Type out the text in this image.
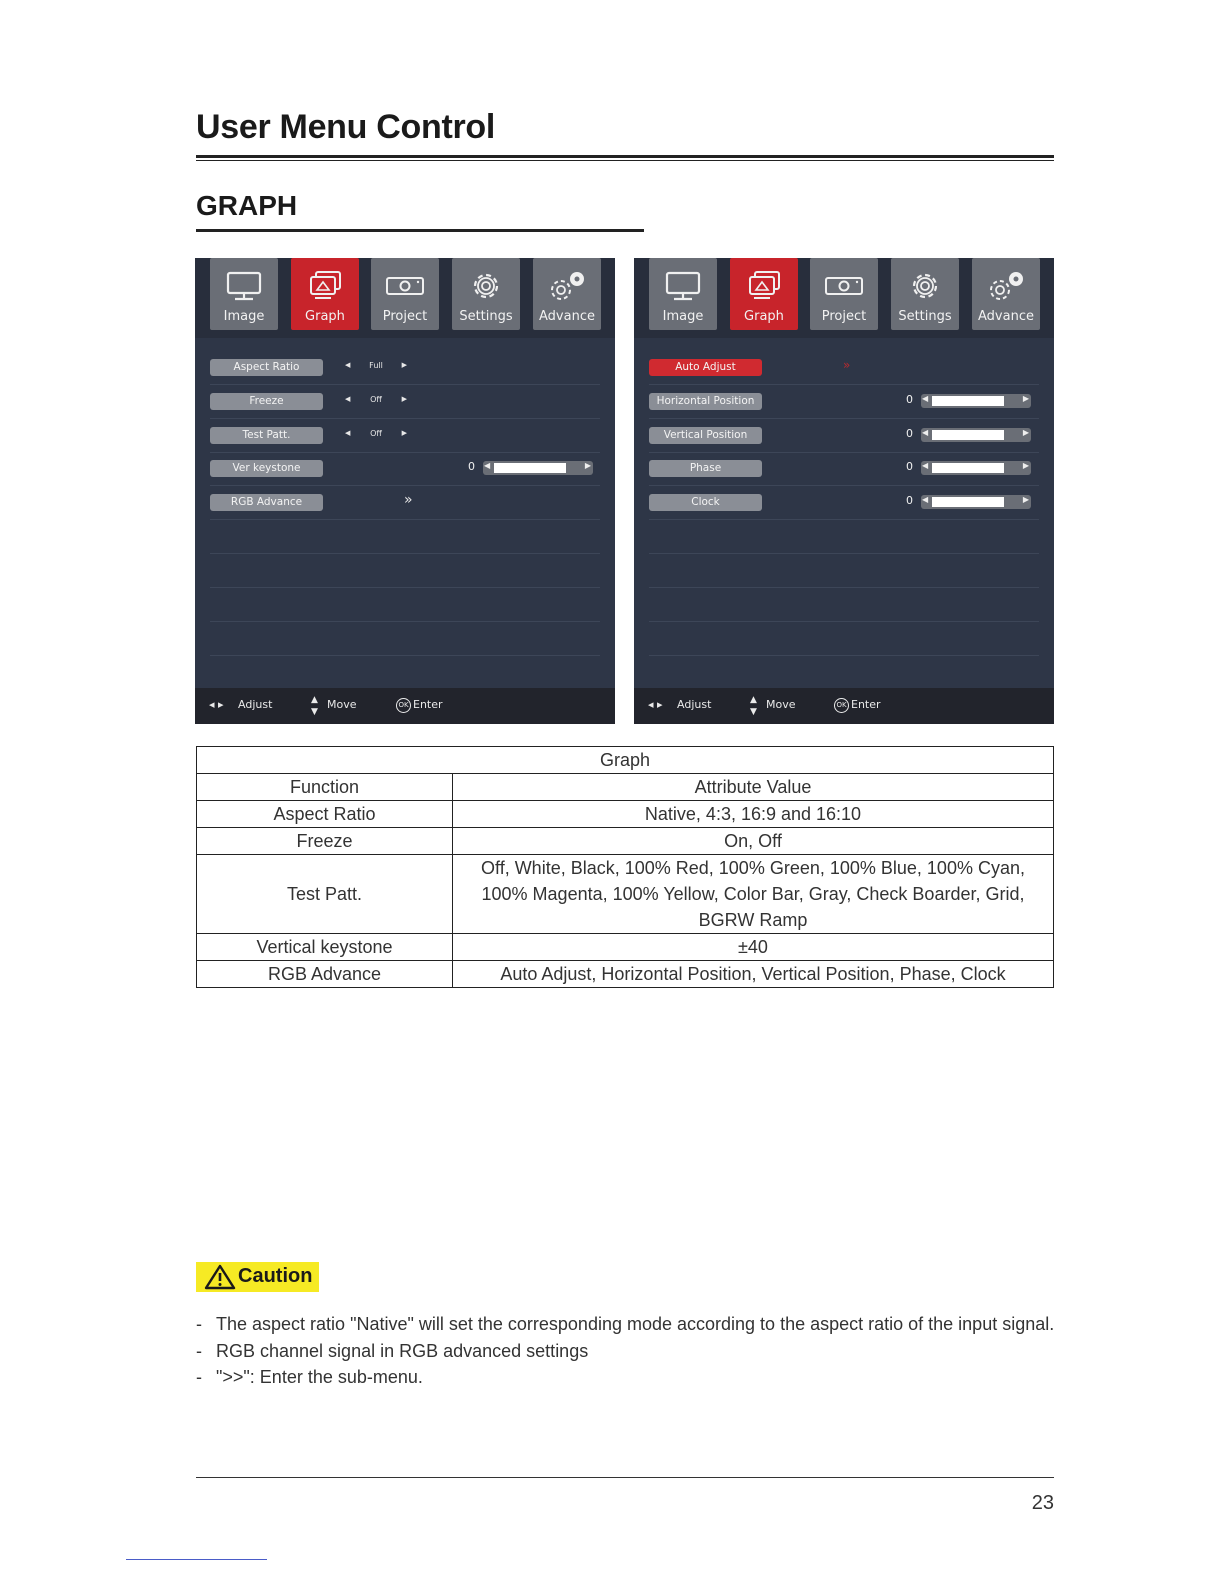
User Menu Control
GRAPH
Image	Graph	Project	Settings	Advance
Aspect Ratio	◀	Full	▶
Freeze	◀	Off	▶
Test Patt.	◀	Off	▶
Ver keystone	0 ◀	▶
RGB Advance	»
◂ ▸ Adjust	▲
▼
Move	OK Enter
Image	Graph	Project	Settings	Advance
Auto Adjust	»
Horizontal Position	0 ◀	▶
Vertical Position	0 ◀	▶
Phase	0 ◀	▶
Clock	0 ◀	▶
◂ ▸ Adjust	▲
▼
Move	OK Enter
Graph	
Function	Attribute Value
Aspect Ratio	Native, 4:3, 16:9 and 16:10
Freeze	On, Off
Test Patt.	Off, White, Black, 100% Red, 100% Green, 100% Blue, 100% Cyan,
100% Magenta, 100% Yellow, Color Bar, Gray, Check Boarder, Grid,
BGRW Ramp

Vertical keystone	±40
RGB Advance	Auto Adjust, Horizontal Position, Vertical Position, Phase, Clock
Caution
- The aspect ratio "Native" will set the corresponding mode according to the aspect ratio of the input signal.
- RGB channel signal in RGB advanced settings
- ">>": Enter the sub-menu.
23
